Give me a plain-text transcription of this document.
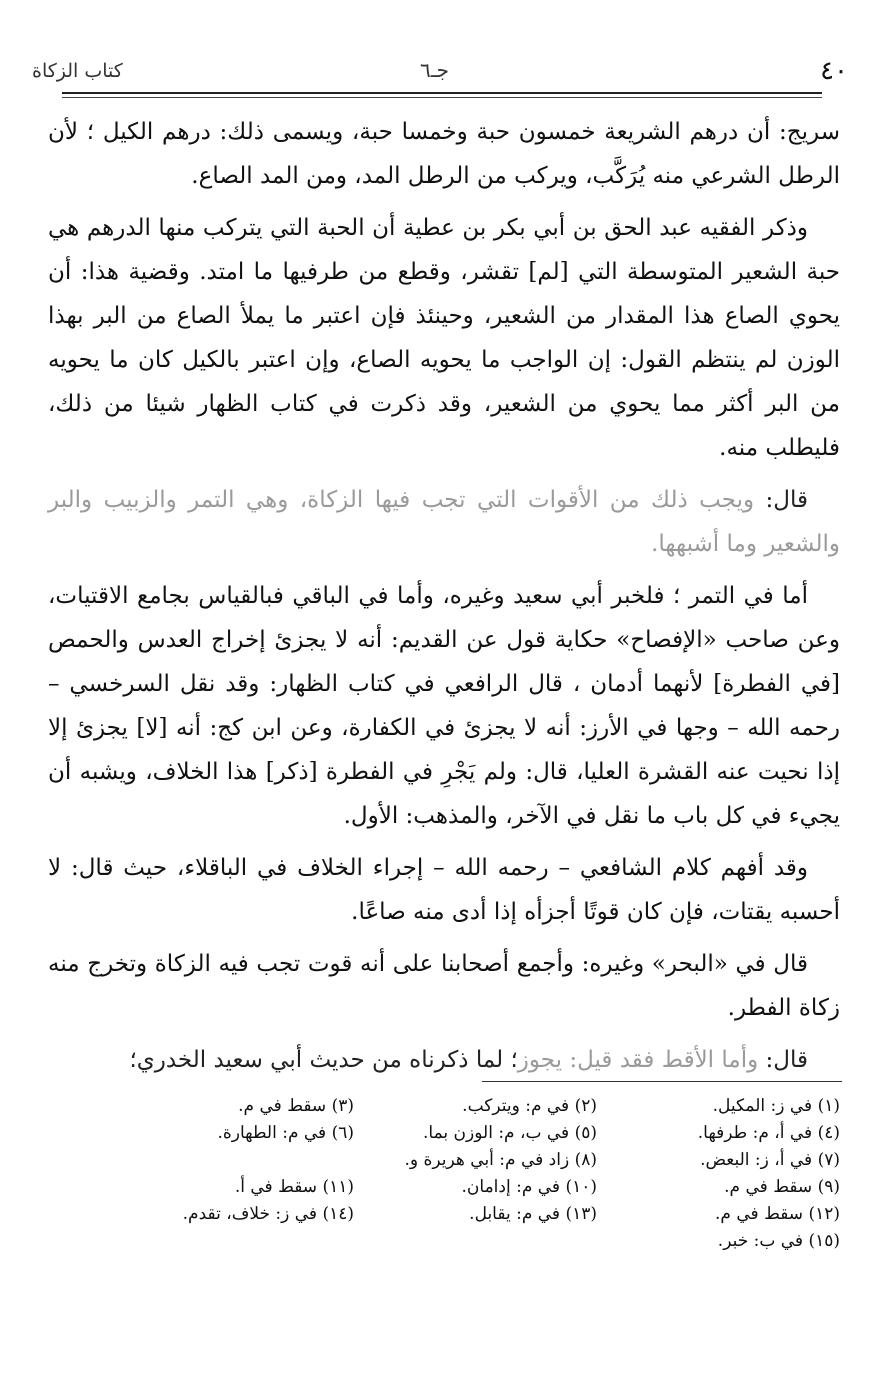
٤٠
جـ٦
كتاب الزكاة

سريج: أن درهم الشريعة خمسون حبة وخمسا حبة، ويسمى ذلك: درهم الكيل ؛ لأن الرطل الشرعي منه يُرَكَّب، ويركب من الرطل المد، ومن المد الصاع.

وذكر الفقيه عبد الحق بن أبي بكر بن عطية أن الحبة التي يتركب منها الدرهم هي حبة الشعير المتوسطة التي [لم] تقشر، وقطع من طرفيها ما امتد. وقضية هذا: أن يحوي الصاع هذا المقدار من الشعير، وحينئذ فإن اعتبر ما يملأ الصاع من البر بهذا الوزن لم ينتظم القول: إن الواجب ما يحويه الصاع، وإن اعتبر بالكيل كان ما يحويه من البر أكثر مما يحوي من الشعير، وقد ذكرت في كتاب الظهار شيئا من ذلك، فليطلب منه.

قال: ويجب ذلك من الأقوات التي تجب فيها الزكاة، وهي التمر والزبيب والبر والشعير وما أشبهها.

أما في التمر ؛ فلخبر أبي سعيد وغيره، وأما في الباقي فبالقياس بجامع الاقتيات، وعن صاحب «الإفصاح» حكاية قول عن القديم: أنه لا يجزئ إخراج العدس والحمص [في الفطرة] لأنهما أدمان ، قال الرافعي في كتاب الظهار: وقد نقل السرخسي – رحمه الله – وجها في الأرز: أنه لا يجزئ في الكفارة، وعن ابن كج: أنه [لا] يجزئ إلا إذا نحيت عنه القشرة العليا، قال: ولم يَجْرِ في الفطرة [ذكر] هذا الخلاف، ويشبه أن يجيء في كل باب ما نقل في الآخر، والمذهب: الأول.

وقد أفهم كلام الشافعي – رحمه الله – إجراء الخلاف في الباقلاء، حيث قال: لا أحسبه يقتات، فإن كان قوتًا أجزأه إذا أدى منه صاعًا.

قال في «البحر» وغيره: وأجمع أصحابنا على أنه قوت تجب فيه الزكاة وتخرج منه زكاة الفطر.

قال: وأما الأقط فقد قيل: يجوز؛ لما ذكرناه من حديث أبي سعيد الخدري؛

(١) في ز: المكيل.
(٢) في م: ويتركب.
(٣) سقط في م.
(٤) في أ، م: طرفها.
(٥) في ب، م: الوزن بما.
(٦) في م: الطهارة.
(٧) في أ، ز: البعض.
(٨) زاد في م: أبي هريرة و.
(٩) سقط في م.
(١٠) في م: إدامان.
(١١) سقط في أ.
(١٢) سقط في م.
(١٣) في م: يقابل.
(١٤) في ز: خلاف، تقدم.
(١٥) في ب: خبر.
